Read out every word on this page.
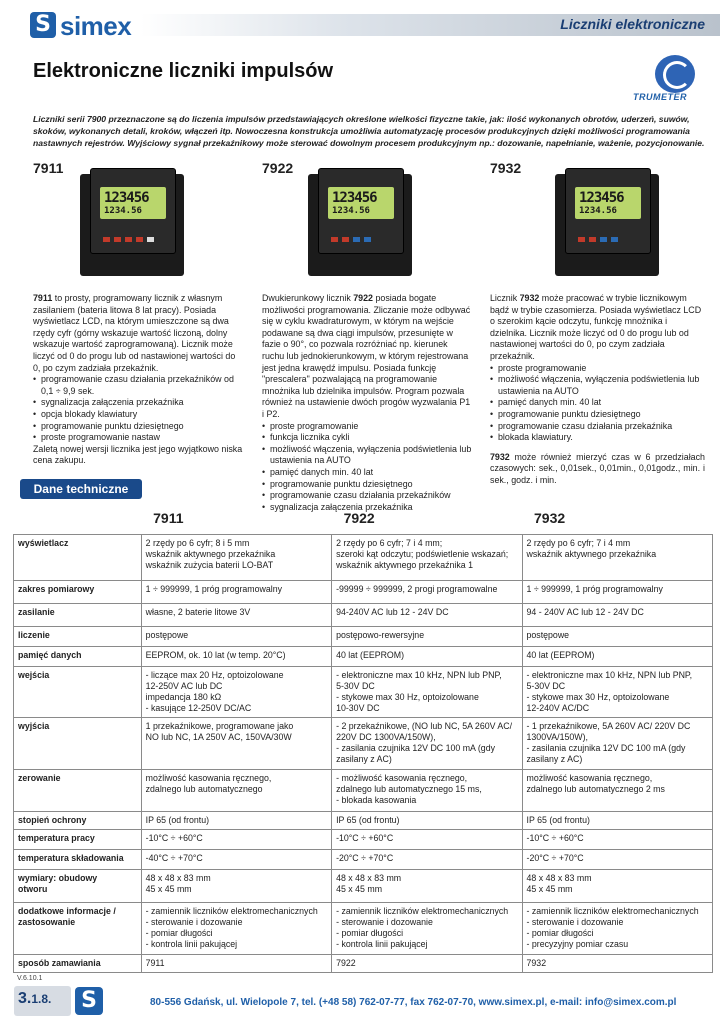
S simex	Liczniki elektroniczne
Elektroniczne liczniki impulsów
TRUMETER
Liczniki serii 7900 przeznaczone są do liczenia impulsów przedstawiających określone wielkości fizyczne takie, jak: ilość wykonanych obrotów, uderzeń, suwów, skoków, wykonanych detali, kroków, włączeń itp. Nowoczesna konstrukcja umożliwia automatyzację procesów produkcyjnych dzięki możliwości programowania nastawnych rejestrów. Wyjściowy sygnał przekaźnikowy może sterować dowolnym procesem produkcyjnym np.: dozowanie, napełnianie, ważenie, pozycjonowanie.
7911	7922	7932
123456
1234.56
123456
1234.56
123456
1234.56

7911 to prosty, programowany licznik z własnym zasilaniem (bateria litowa 8 lat pracy). Posiada wyświetlacz LCD, na którym umieszczone są dwa rzędy cyfr (górny wskazuje wartość liczoną, dolny wskazuje wartość zaprogramowaną). Licznik może liczyć od 0 do progu lub od nastawionej wartości do 0, po czym zadziała przekaźnik.

• programowanie czasu działania przekaźników od 0,1 ÷ 9,9 sek.
• sygnalizacja załączenia przekaźnika
• opcja blokady klawiatury
• programowanie punktu dziesiętnego
• proste programowanie nastaw

Zaletą nowej wersji licznika jest jego wyjątkowo niska cena zakupu.

Dwukierunkowy licznik 7922 posiada bogate możliwości programowania. Zliczanie może odbywać się w cyklu kwadraturowym, w którym na wejście podawane są dwa ciągi impulsów, przesunięte w fazie o 90°, co pozwala rozróżniać np. kierunek ruchu lub jednokierunkowym, w którym rejestrowana jest jedna krawędź impulsu. Posiada funkcję "prescalera" pozwalającą na programowanie mnożnika lub dzielnika impulsów. Program pozwala również na ustawienie dwóch progów wyzwalania P1 i P2.

• proste programowanie
• funkcja licznika cykli
• możliwość włączenia, wyłączenia podświetlenia lub ustawienia na AUTO
• pamięć danych min. 40 lat
• programowanie punktu dziesiętnego
• programowanie czasu działania przekaźników
• sygnalizacja załączenia przekaźnika

Licznik 7932 może pracować w trybie licznikowym bądź w trybie czasomierza. Posiada wyświetlacz LCD o szerokim kącie odczytu, funkcję mnożnika i dzielnika. Licznik może liczyć od 0 do progu lub od nastawionej wartości do 0, po czym zadziała przekaźnik.

• proste programowanie
• możliwość włączenia, wyłączenia podświetlenia lub ustawienia na AUTO
• pamięć danych min. 40 lat
• programowanie punktu dziesiętnego
• programowanie czasu działania przekaźnika
• blokada klawiatury.

7932 może również mierzyć czas w 6 przedziałach czasowych: sek., 0,01sek., 0,01min., 0,01godz., min. i sek., godz. i min.

Dane techniczne
	7911	7922	7932
wyświetlacz	2 rzędy po 6 cyfr; 8 i 5 mm
wskaźnik aktywnego przekaźnika
wskaźnik zużycia baterii LO-BAT	2 rzędy po 6 cyfr; 7 i 4 mm;
szeroki kąt odczytu; podświetlenie wskazań;
wskaźnik aktywnego przekaźnika 1	2 rzędy po 6 cyfr; 7 i 4 mm
wskaźnik aktywnego przekaźnika
zakres pomiarowy	1 ÷ 999999, 1 próg programowalny	-99999 ÷ 999999, 2 progi programowalne	1 ÷ 999999, 1 próg programowalny
zasilanie	własne, 2 baterie litowe 3V	94-240V AC lub 12 - 24V DC	94 - 240V AC lub 12 - 24V DC
liczenie	postępowe	postępowo-rewersyjne	postępowe
pamięć danych	EEPROM, ok. 10 lat (w temp. 20°C)	40 lat (EEPROM)	40 lat (EEPROM)
wejścia	- liczące max 20 Hz, optoizolowane
12-250V AC lub DC
impedancja 180 kΩ
- kasujące 12-250V DC/AC	- elektroniczne max 10 kHz, NPN lub PNP,
5-30V DC
- stykowe max 30 Hz, optoizolowane
10-30V DC	- elektroniczne max 10 kHz, NPN lub PNP,
5-30V DC
- stykowe max 30 Hz, optoizolowane
12-240V AC/DC
wyjścia	1 przekaźnikowe, programowane jako
NO lub NC, 1A 250V AC, 150VA/30W	- 2 przekaźnikowe, (NO lub NC, 5A 260V AC/
220V DC 1300VA/150W),
- zasilania czujnika 12V DC 100 mA (gdy
zasilany z AC)	- 1 przekaźnikowe, 5A 260V AC/ 220V DC
1300VA/150W),
- zasilania czujnika 12V DC 100 mA (gdy
zasilany z AC)
zerowanie	możliwość kasowania ręcznego,
zdalnego lub automatycznego	- możliwość kasowania ręcznego,
zdalnego lub automatycznego 15 ms,
- blokada kasowania	możliwość kasowania ręcznego,
zdalnego lub automatycznego 2 ms
stopień ochrony	IP 65 (od frontu)	IP 65 (od frontu)	IP 65 (od frontu)
temperatura pracy	-10°C ÷ +60°C	-10°C ÷ +60°C	-10°C ÷ +60°C
temperatura składowania	-40°C ÷ +70°C	-20°C ÷ +70°C	-20°C ÷ +70°C
wymiary: obudowy
otworu	48 x 48 x 83 mm
45 x 45 mm	48 x 48 x 83 mm
45 x 45 mm	48 x 48 x 83 mm
45 x 45 mm
dodatkowe informacje / zastosowanie	- zamiennik liczników elektromechanicznych
- sterowanie i dozowanie
- pomiar długości
- kontrola linii pakującej	- zamiennik liczników elektromechanicznych
- sterowanie i dozowanie
- pomiar długości
- kontrola linii pakującej	- zamiennik liczników elektromechanicznych
- sterowanie i dozowanie
- pomiar długości
- precyzyjny pomiar czasu
sposób zamawiania	7911	7922	7932
V.6.10.1
3.1.8. S	80-556 Gdańsk, ul. Wielopole 7, tel. (+48 58) 762-07-77, fax 762-07-70, www.simex.pl, e-mail: info@simex.com.pl
